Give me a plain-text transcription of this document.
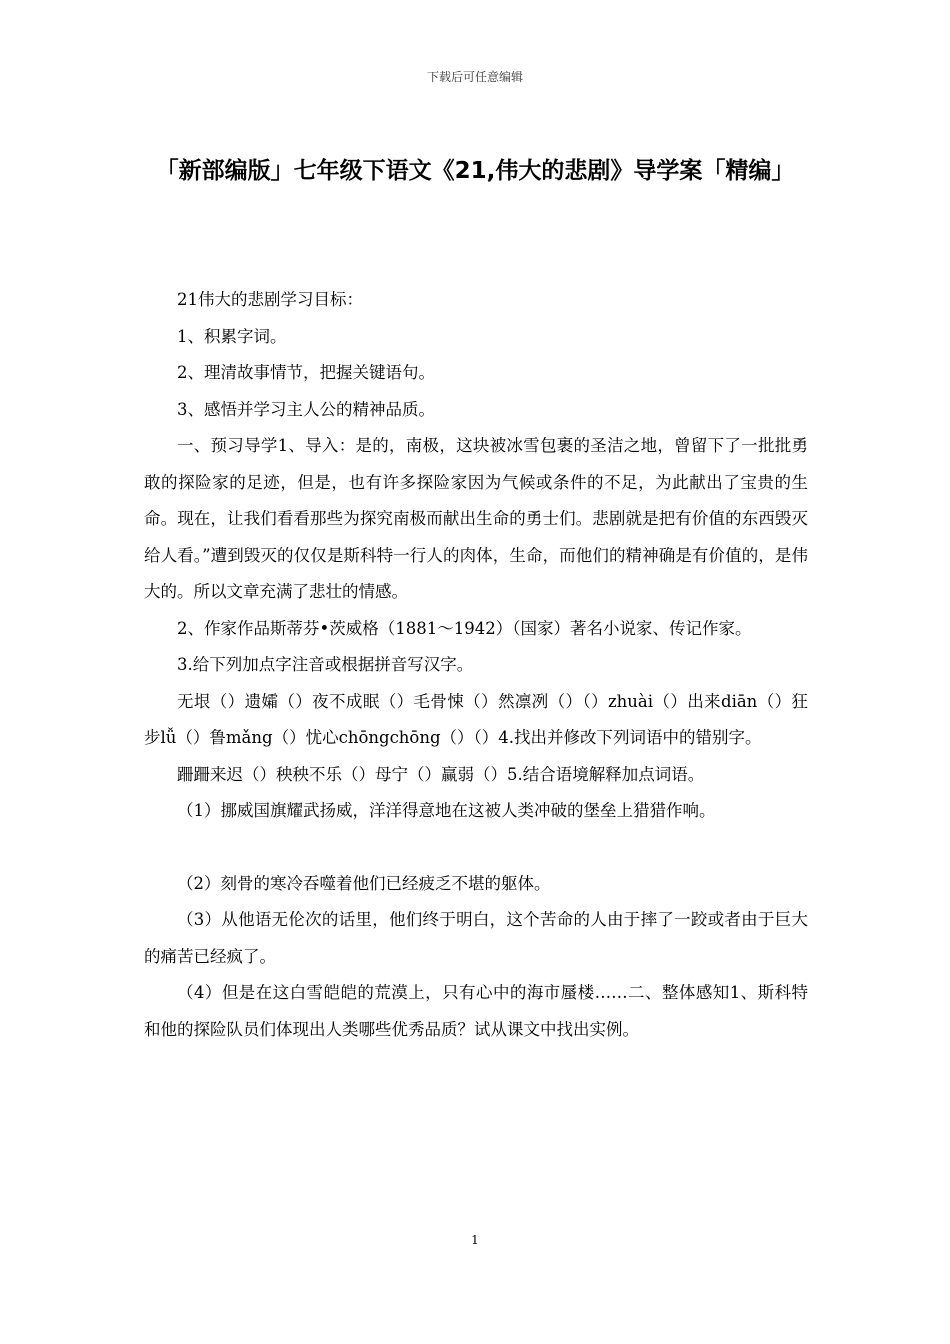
下载后可任意编辑
「新部编版」七年级下语文《21,伟大的悲剧》导学案「精编」

21伟大的悲剧学习目标：

1、积累字词。

2、理清故事情节，把握关键语句。

3、感悟并学习主人公的精神品质。

一、预习导学1、导入：是的，南极，这块被冰雪包裹的圣洁之地，曾留下了一批批勇敢的探险家的足迹，但是，也有许多探险家因为气候或条件的不足，为此献出了宝贵的生命。现在，让我们看看那些为探究南极而献出生命的勇士们。悲剧就是把有价值的东西毁灭给人看。”遭到毁灭的仅仅是斯科特一行人的肉体，生命，而他们的精神确是有价值的，是伟大的。所以文章充满了悲壮的情感。

2、作家作品斯蒂芬•茨威格（1881～1942）（国家）著名小说家、传记作家。

3.给下列加点字注音或根据拼音写汉字。

无垠（）遗孀（）夜不成眠（）毛骨悚（）然凛冽（）（）zhuài（）出来diān（）狂步lǚ（）鲁mǎng（）忧心chōngchōng（）（）4.找出并修改下列词语中的错别字。

跚跚来迟（）秧秧不乐（）母宁（）赢弱（）5.结合语境解释加点词语。

（1）挪威国旗耀武扬威，洋洋得意地在这被人类冲破的堡垒上猎猎作响。

（2）刻骨的寒冷吞噬着他们已经疲乏不堪的躯体。

（3）从他语无伦次的话里，他们终于明白，这个苦命的人由于摔了一跤或者由于巨大的痛苦已经疯了。

（4）但是在这白雪皑皑的荒漠上，只有心中的海市蜃楼……二、整体感知1、斯科特和他的探险队员们体现出人类哪些优秀品质？试从课文中找出实例。

1
